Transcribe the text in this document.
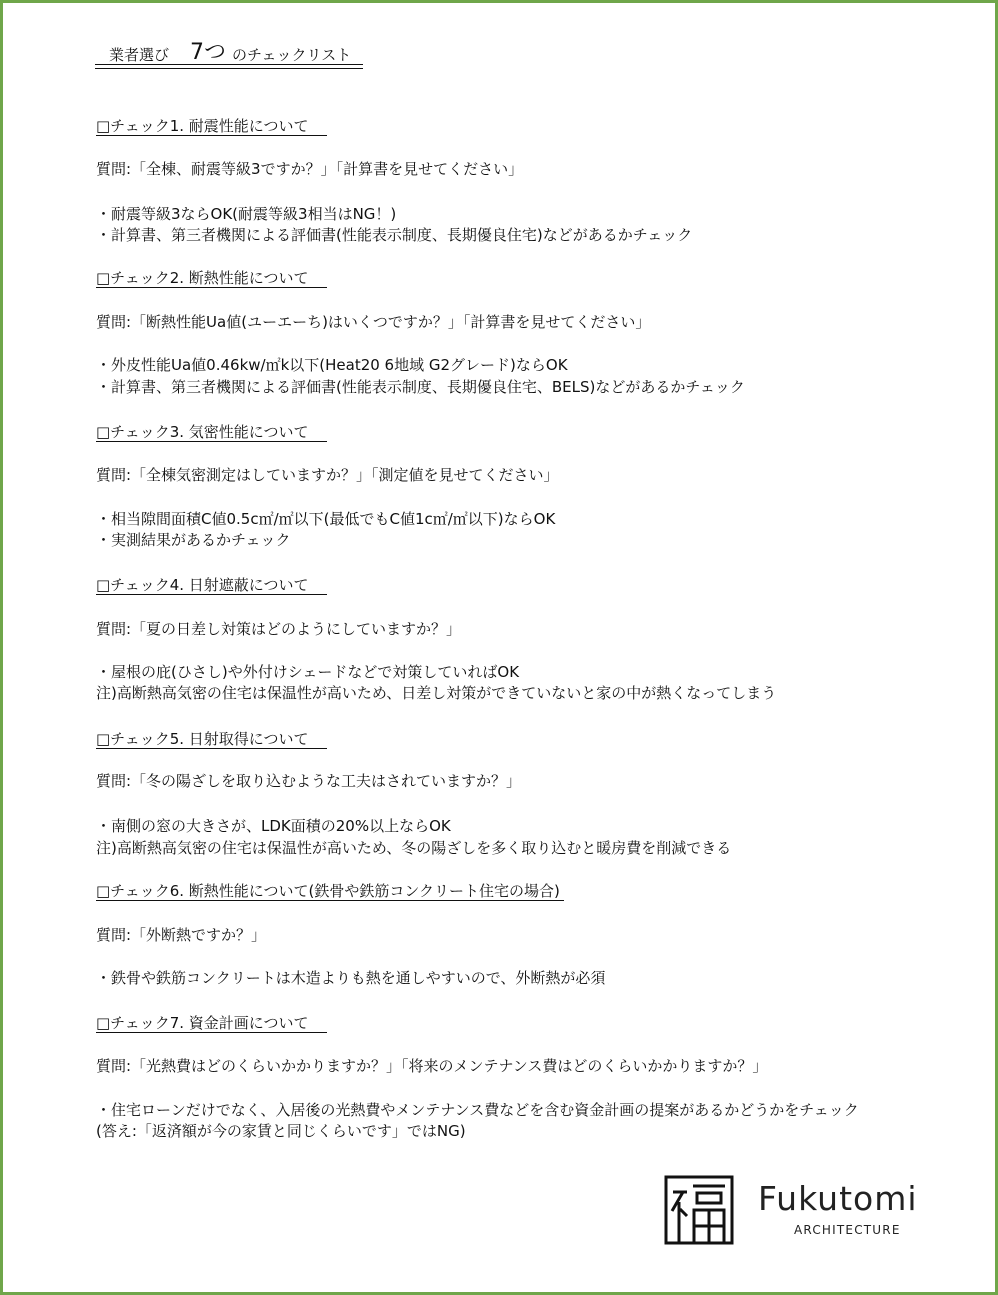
業者選び 7つ のチェックリスト
□チェック1. 耐震性能について
質問:「全棟、耐震等級3ですか？」「計算書を見せてください」
・耐震等級3ならOK(耐震等級3相当はNG！)
・計算書、第三者機関による評価書(性能表示制度、長期優良住宅)などがあるかチェック
□チェック2. 断熱性能について
質問:「断熱性能Ua値(ユーエーち)はいくつですか？」「計算書を見せてください」
・外皮性能Ua値0.46kw/㎡k以下(Heat20 6地域 G2グレード)ならOK
・計算書、第三者機関による評価書(性能表示制度、長期優良住宅、BELS)などがあるかチェック
□チェック3. 気密性能について
質問:「全棟気密測定はしていますか？」「測定値を見せてください」
・相当隙間面積C値0.5c㎡/㎡以下(最低でもC値1c㎡/㎡以下)ならOK
・実測結果があるかチェック
□チェック4. 日射遮蔽について
質問:「夏の日差し対策はどのようにしていますか？」
・屋根の庇(ひさし)や外付けシェードなどで対策していればOK
注)高断熱高気密の住宅は保温性が高いため、日差し対策ができていないと家の中が熱くなってしまう
□チェック5. 日射取得について
質問:「冬の陽ざしを取り込むような工夫はされていますか？」
・南側の窓の大きさが、LDK面積の20%以上ならOK
注)高断熱高気密の住宅は保温性が高いため、冬の陽ざしを多く取り込むと暖房費を削減できる
□チェック6. 断熱性能について(鉄骨や鉄筋コンクリート住宅の場合)
質問:「外断熱ですか？」
・鉄骨や鉄筋コンクリートは木造よりも熱を通しやすいので、外断熱が必須
□チェック7. 資金計画について
質問:「光熱費はどのくらいかかりますか？」「将来のメンテナンス費はどのくらいかかりますか？」
・住宅ローンだけでなく、入居後の光熱費やメンテナンス費などを含む資金計画の提案があるかどうかをチェック
(答え:「返済額が今の家賃と同じくらいです」ではNG)
Fukutomi
ARCHITECTURE
